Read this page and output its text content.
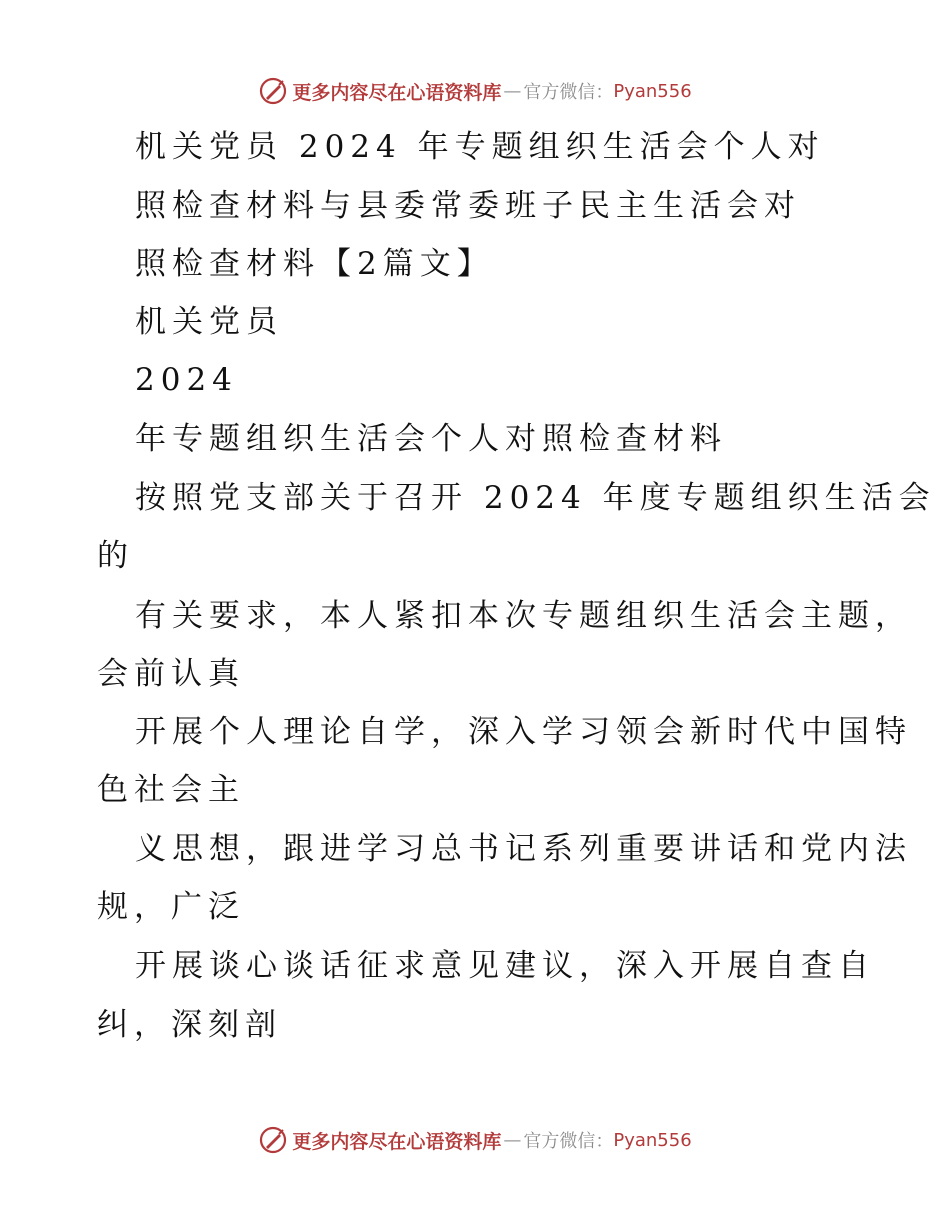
更多内容尽在心语资料库 — 官方微信： Pyan556
机关党员 2024 年专题组织生活会个人对
照检查材料与县委常委班子民主生活会对
照检查材料【2篇文】
机关党员
2024
年专题组织生活会个人对照检查材料
按照党支部关于召开 2024 年度专题组织生活会
的
有关要求，本人紧扣本次专题组织生活会主题，
会前认真
开展个人理论自学，深入学习领会新时代中国特
色社会主
义思想，跟进学习总书记系列重要讲话和党内法
规，广泛
开展谈心谈话征求意见建议，深入开展自查自
纠，深刻剖
更多内容尽在心语资料库 — 官方微信： Pyan556
